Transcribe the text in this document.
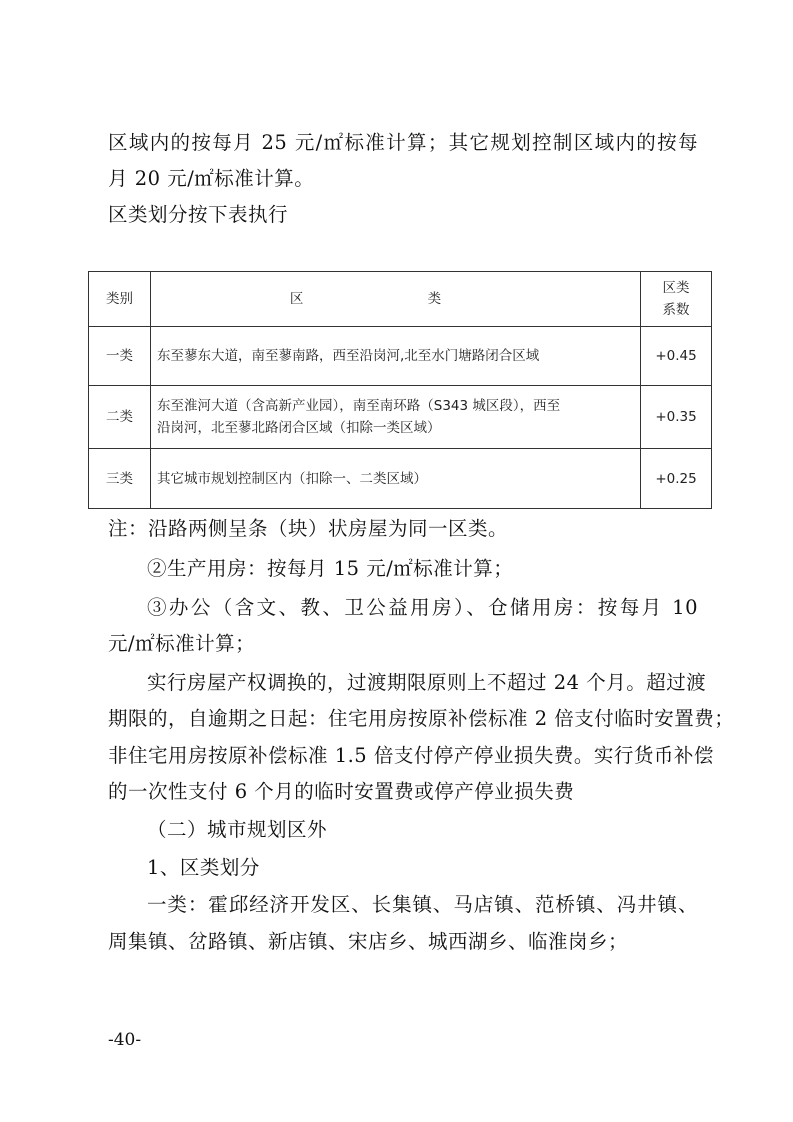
区域内的按每月 25 元/㎡标准计算；其它规划控制区域内的按每

月 20 元/㎡标准计算。

区类划分按下表执行

类别	区 类	区类
系数

一类	东至蓼东大道，南至蓼南路，西至沿岗河,北至水门塘路闭合区域	+0.45
二类	东至淮河大道（含高新产业园），南至南环路（S343 城区段），西至
沿岗河，北至蓼北路闭合区域（扣除一类区域）	+0.35
三类	其它城市规划控制区内（扣除一、二类区域）	+0.25

注：沿路两侧呈条（块）状房屋为同一区类。

②生产用房：按每月 15 元/㎡标准计算；

③办公（含文、教、卫公益用房）、仓储用房：按每月 10

元/㎡标准计算；

实行房屋产权调换的，过渡期限原则上不超过 24 个月。超过渡

期限的，自逾期之日起：住宅用房按原补偿标准 2 倍支付临时安置费；

非住宅用房按原补偿标准 1.5 倍支付停产停业损失费。实行货币补偿

的一次性支付 6 个月的临时安置费或停产停业损失费

（二）城市规划区外

1、区类划分

一类：霍邱经济开发区、长集镇、马店镇、范桥镇、冯井镇、

周集镇、岔路镇、新店镇、宋店乡、城西湖乡、临淮岗乡；

-40-
